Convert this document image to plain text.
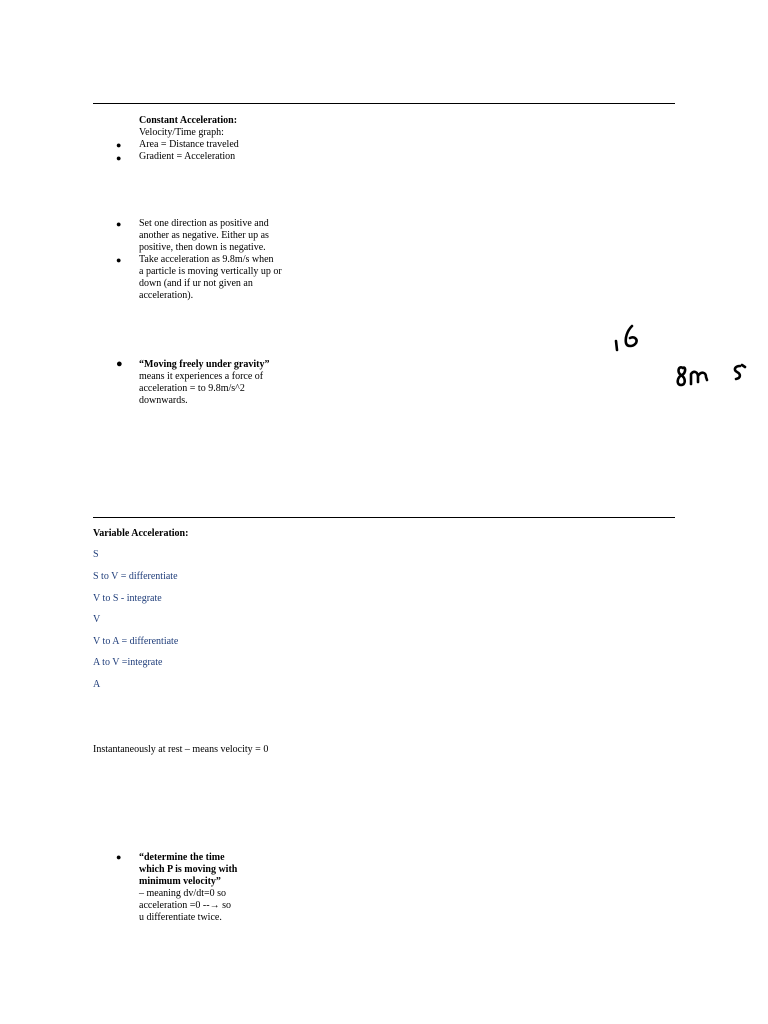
Constant Acceleration:
Velocity/Time graph:
Area = Distance traveled
Gradient = Acceleration
●
●
● Set one direction as positive and
another as negative. Either up as
positive, then down is negative.
● Take acceleration as 9.8m/s when
a particle is moving vertically up or
down (and if ur not given an
acceleration).
● “Moving freely under gravity”
means it experiences a force of
acceleration = to 9.8m/s^2
downwards.
Variable Acceleration:
S
S to V = differentiate
V to S - integrate
V
V to A = differentiate
A to V =integrate
A
Instantaneously at rest – means velocity = 0
● “determine the time
which P is moving with
minimum velocity”
– meaning dv/dt=0 so
acceleration =0 --→ so
u differentiate twice.
